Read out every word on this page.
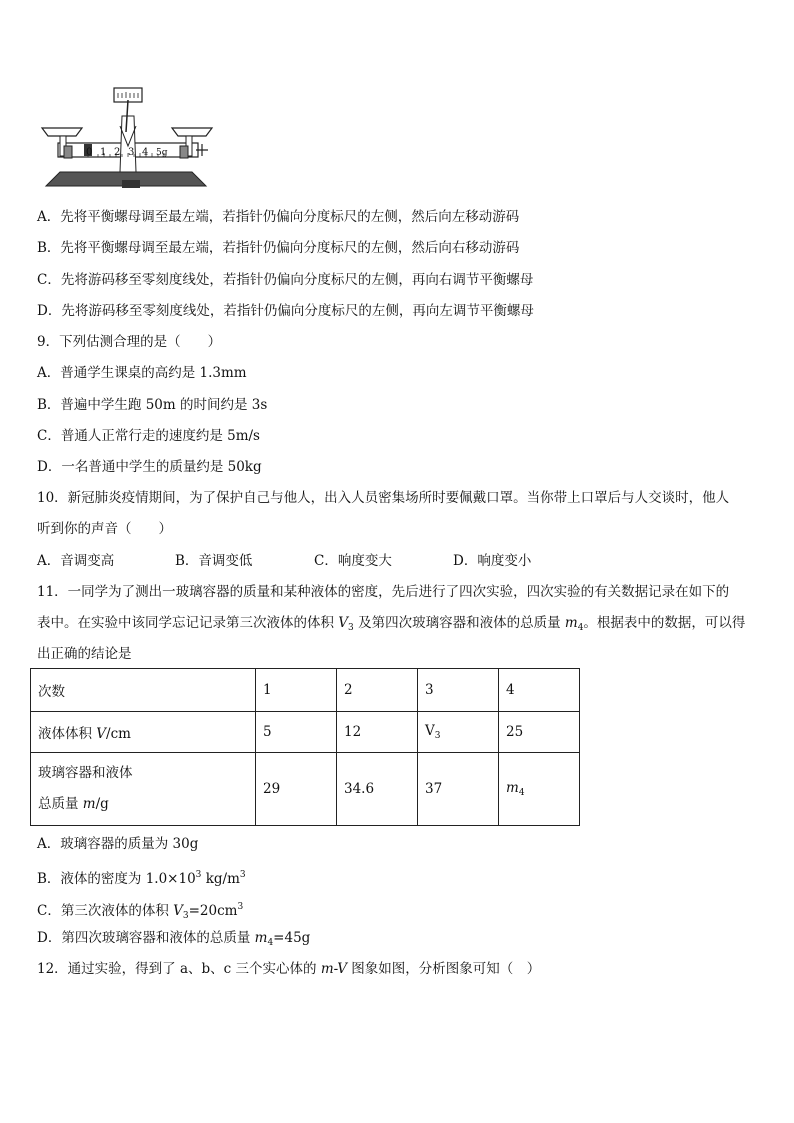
0 1 2 3 4 5g
A．先将平衡螺母调至最左端，若指针仍偏向分度标尺的左侧，然后向左移动游码
B．先将平衡螺母调至最左端，若指针仍偏向分度标尺的左侧，然后向右移动游码
C．先将游码移至零刻度线处，若指针仍偏向分度标尺的左侧，再向右调节平衡螺母
D．先将游码移至零刻度线处，若指针仍偏向分度标尺的左侧，再向左调节平衡螺母
9．下列估测合理的是（　　）
A．普通学生课桌的高约是 1.3mm
B．普遍中学生跑 50m 的时间约是 3s
C．普通人正常行走的速度约是 5m/s
D．一名普通中学生的质量约是 50kg
10．新冠肺炎疫情期间，为了保护自己与他人，出入人员密集场所时要佩戴口罩。当你带上口罩后与人交谈时，他人
听到你的声音（　　）
A．音调变高	B．音调变低	C．响度变大	D．响度变小
11．一同学为了测出一玻璃容器的质量和某种液体的密度，先后进行了四次实验，四次实验的有关数据记录在如下的
表中。在实验中该同学忘记记录第三次液体的体积 $V_3$ 及第四次玻璃容器和液体的总质量 $m_4$。根据表中的数据，可以得
出正确的结论是
次数	1	2	3	4
液体体积 V/cm	5	12	$V_3$	25
玻璃容器和液体
总质量 m/g	29	34.6	37	$m_4$
A．玻璃容器的质量为 30g
B．液体的密度为 $1.0\times 10^3$ $kg/m^3$
C．第三次液体的体积 $V_3=20cm^3$
D．第四次玻璃容器和液体的总质量 $m_4=45g$
12．通过实验，得到了 a、b、c 三个实心体的 m-V 图象如图，分析图象可知（　）
